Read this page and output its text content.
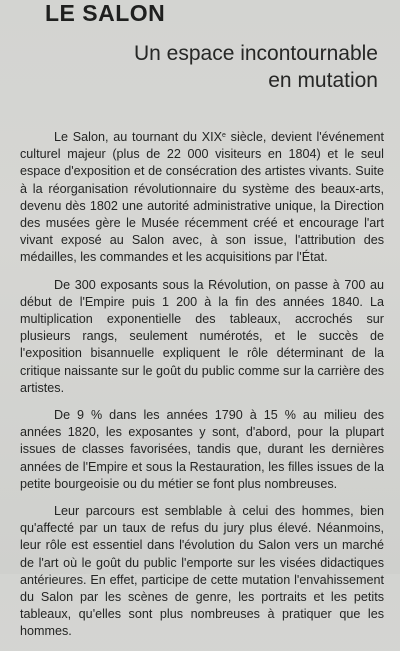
LE SALON
Un espace incontournable
en mutation

Le Salon, au tournant du XIXe siècle, devient l'événement culturel majeur (plus de 22 000 visiteurs en 1804) et le seul espace d'exposition et de consécration des artistes vivants. Suite à la réorganisation révolutionnaire du système des beaux-arts, devenu dès 1802 une autorité administrative unique, la Direction des musées gère le Musée récemment créé et encourage l'art vivant exposé au Salon avec, à son issue, l'attribution des médailles, les commandes et les acquisitions par l'État.

De 300 exposants sous la Révolution, on passe à 700 au début de l'Empire puis 1 200 à la fin des années 1840. La multiplication exponentielle des tableaux, accrochés sur plusieurs rangs, seulement numérotés, et le succès de l'exposition bisannuelle expliquent le rôle déterminant de la critique naissante sur le goût du public comme sur la carrière des artistes.

De 9 % dans les années 1790 à 15 % au milieu des années 1820, les exposantes y sont, d'abord, pour la plupart issues de classes favorisées, tandis que, durant les dernières années de l'Empire et sous la Restauration, les filles issues de la petite bourgeoisie ou du métier se font plus nombreuses.

Leur parcours est semblable à celui des hommes, bien qu'affecté par un taux de refus du jury plus élevé. Néanmoins, leur rôle est essentiel dans l'évolution du Salon vers un marché de l'art où le goût du public l'emporte sur les visées didactiques antérieures. En effet, participe de cette mutation l'envahissement du Salon par les scènes de genre, les portraits et les petits tableaux, qu'elles sont plus nombreuses à pratiquer que les hommes.
